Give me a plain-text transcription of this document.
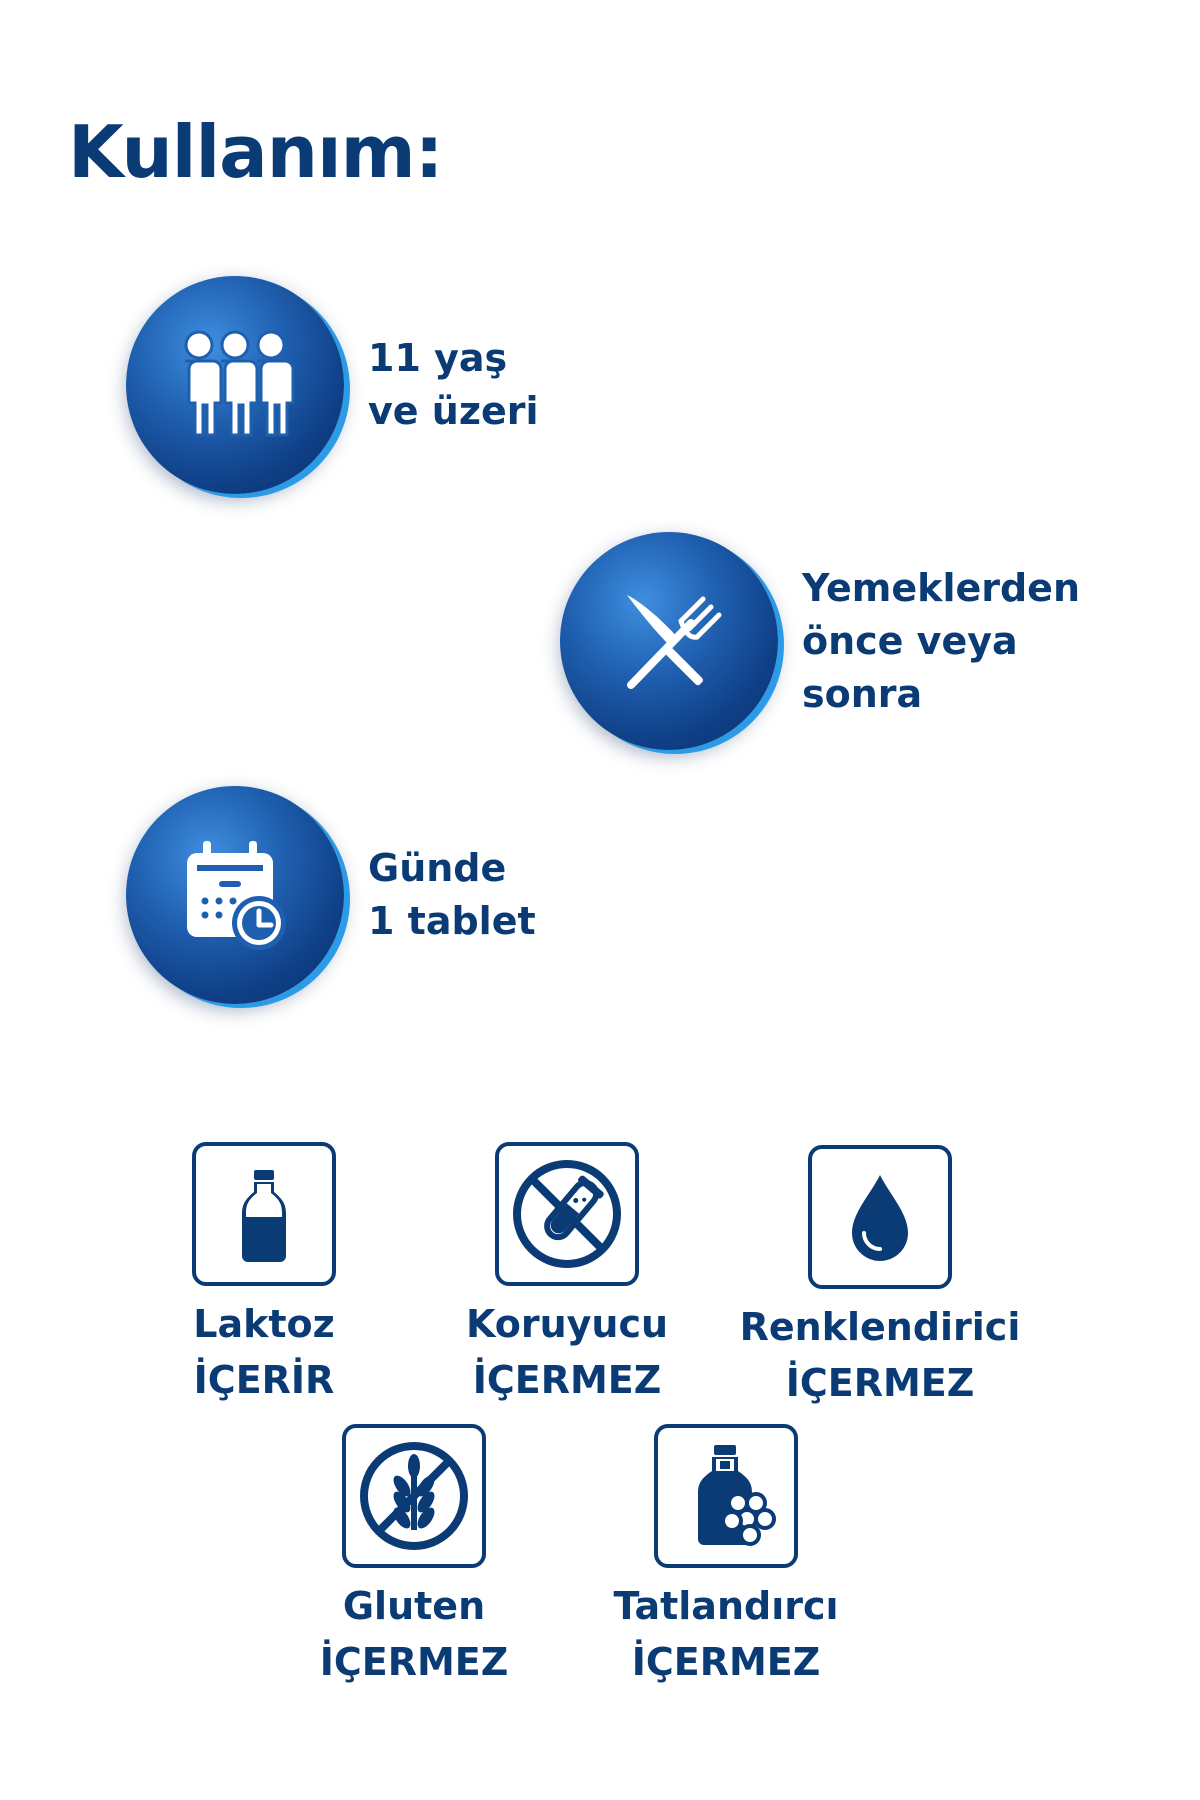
Kullanım:
11 yaş
ve üzeri
Yemeklerden
önce veya
sonra
Günde
1 tablet
Laktoz
İÇERİR
Koruyucu
İÇERMEZ
Renklendirici
İÇERMEZ
Gluten
İÇERMEZ
Tatlandırcı
İÇERMEZ
